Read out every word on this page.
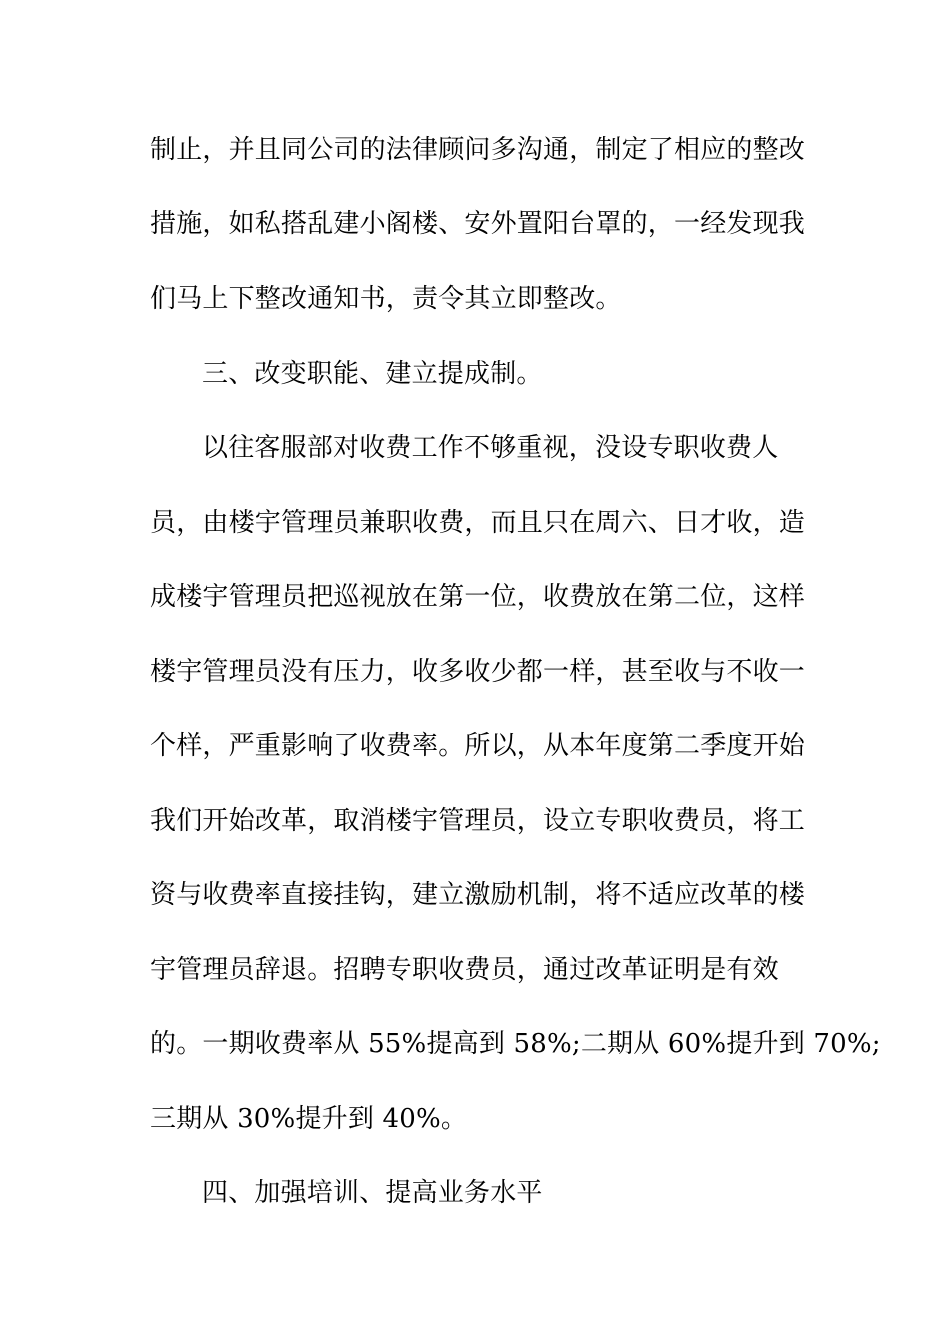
制止，并且同公司的法律顾问多沟通，制定了相应的整改
措施，如私搭乱建小阁楼、安外置阳台罩的，一经发现我
们马上下整改通知书，责令其立即整改。
三、改变职能、建立提成制。
以往客服部对收费工作不够重视，没设专职收费人
员，由楼宇管理员兼职收费，而且只在周六、日才收，造
成楼宇管理员把巡视放在第一位，收费放在第二位，这样
楼宇管理员没有压力，收多收少都一样，甚至收与不收一
个样，严重影响了收费率。所以，从本年度第二季度开始
我们开始改革，取消楼宇管理员，设立专职收费员，将工
资与收费率直接挂钩，建立激励机制，将不适应改革的楼
宇管理员辞退。招聘专职收费员，通过改革证明是有效
的。一期收费率从 55%提高到 58%;二期从 60%提升到 70%;
三期从 30%提升到 40%。
四、加强培训、提高业务水平
